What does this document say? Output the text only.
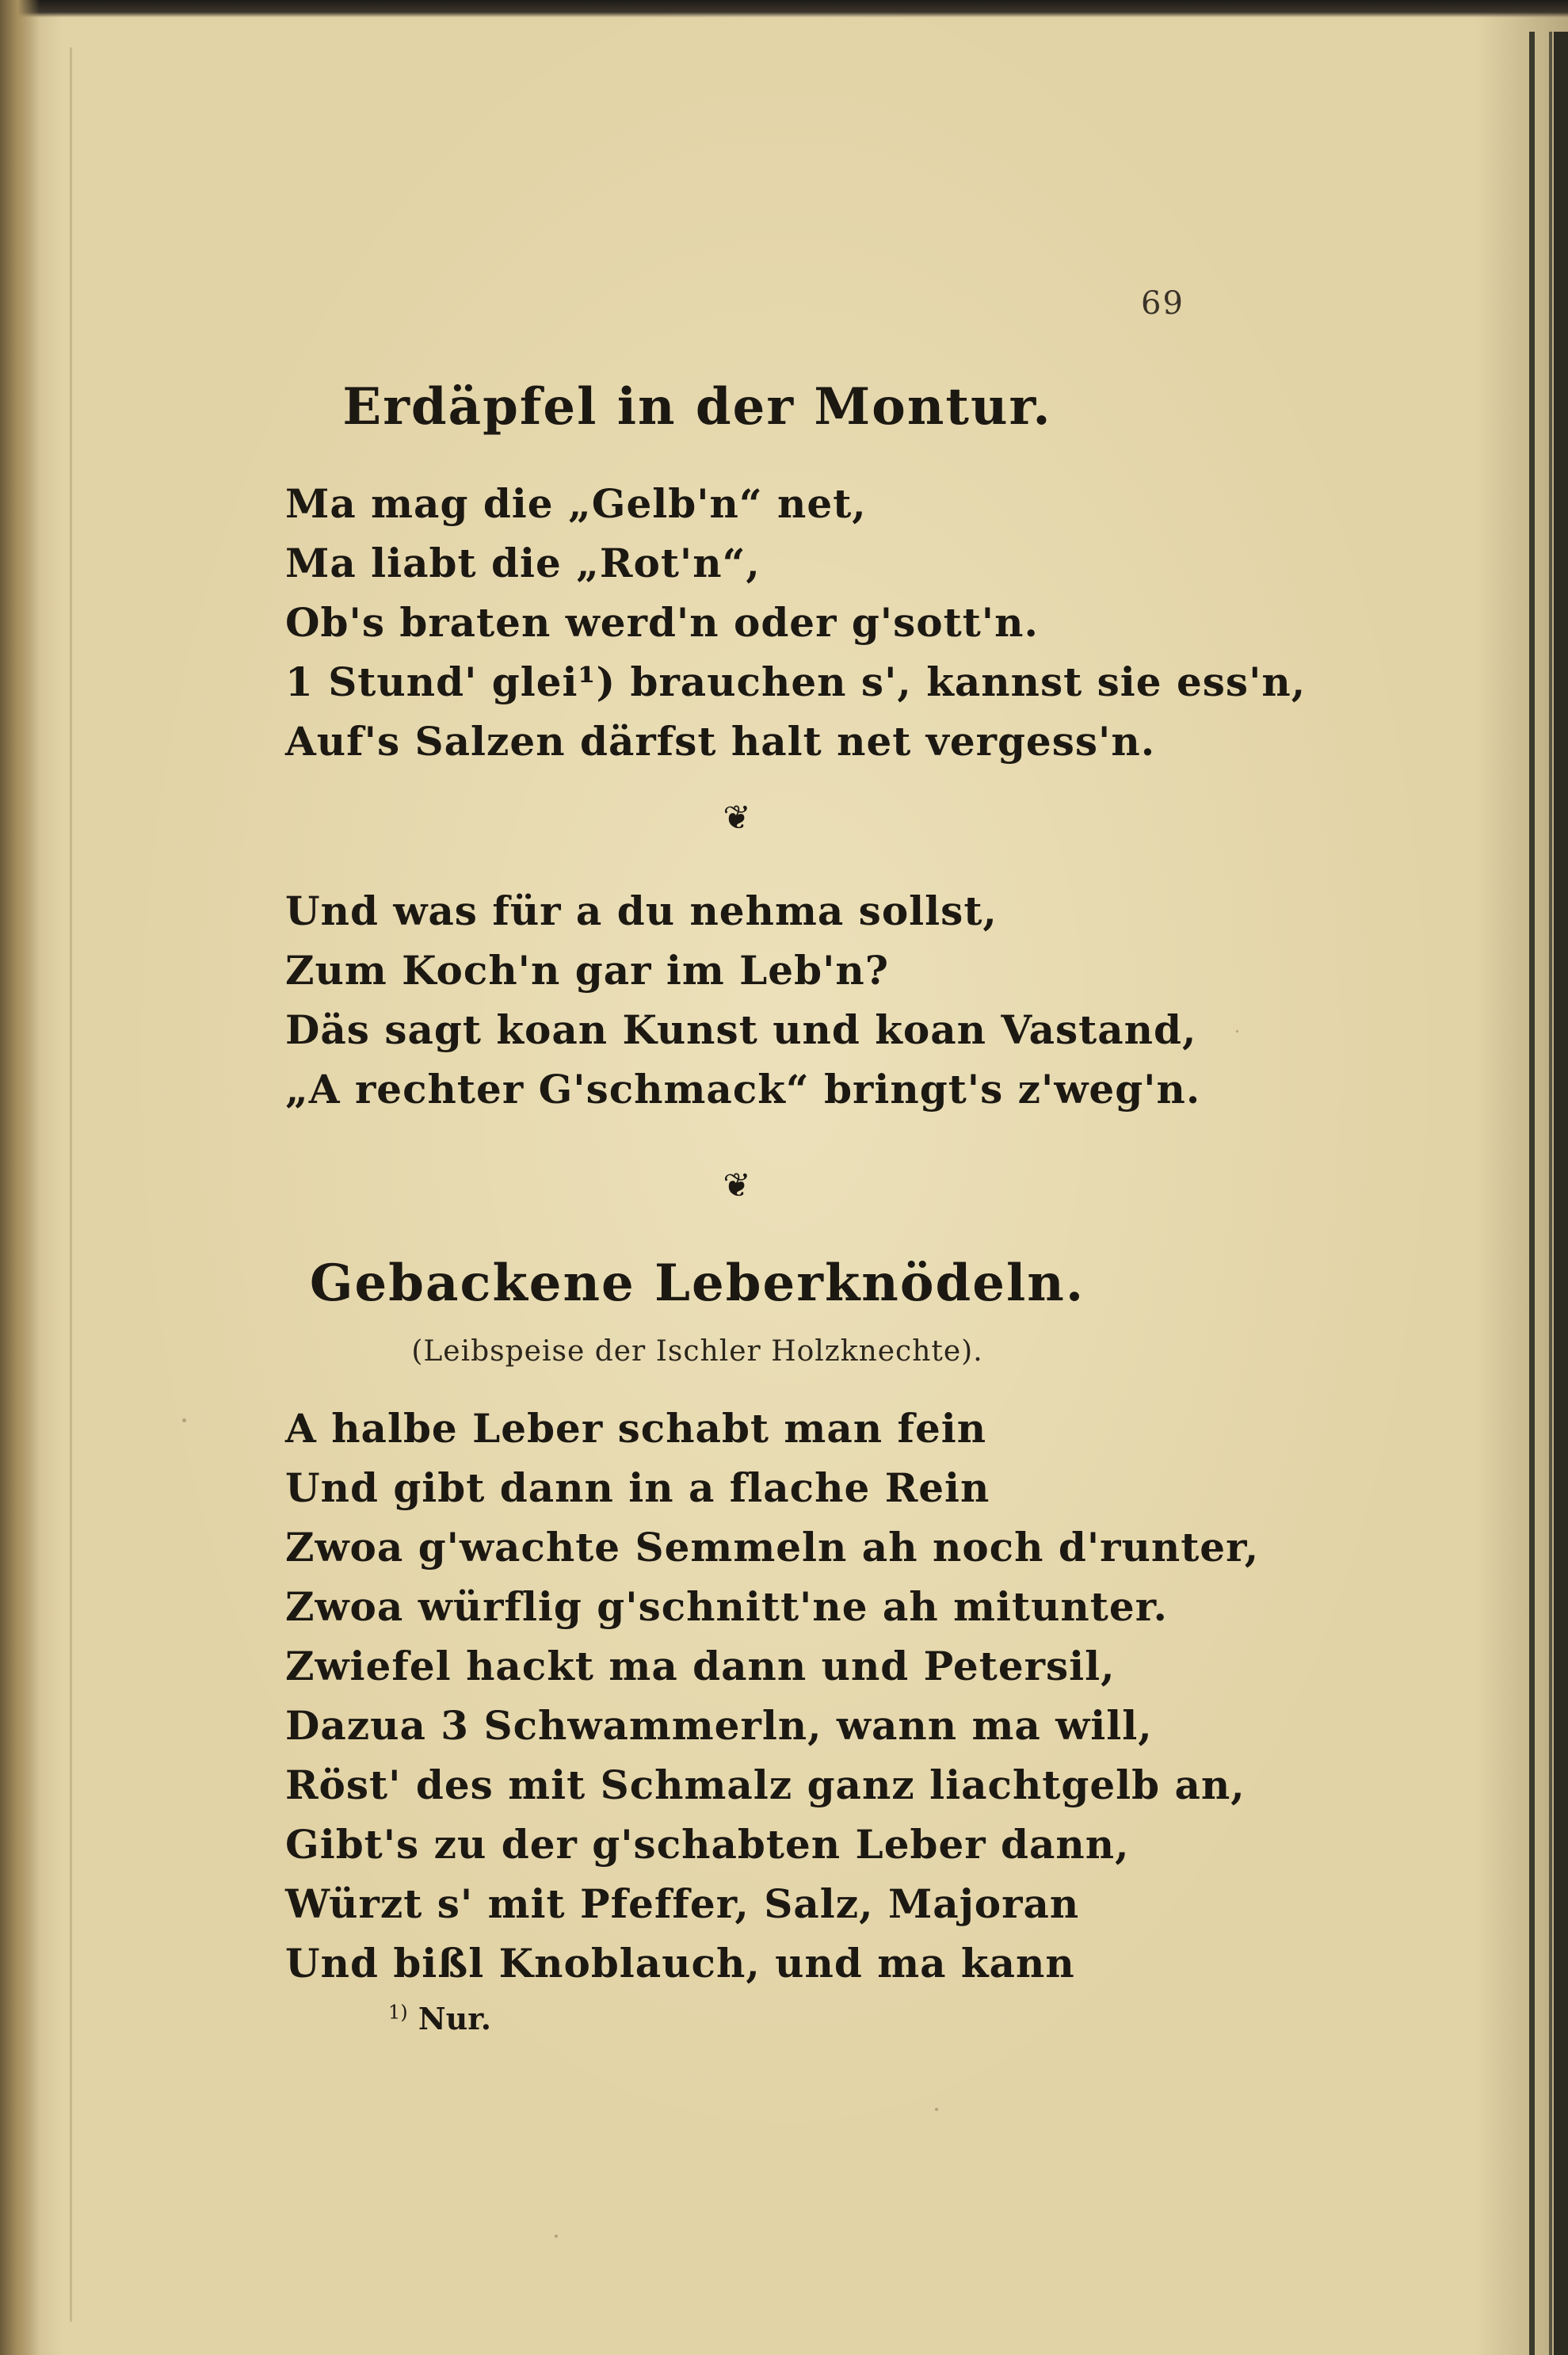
69
Erdäpfel in der Montur.
Ma mag die „Gelb'n“ net,
Ma liabt die „Rot'n“,
Ob's braten werd'n oder g'sott'n.
1 Stund' glei¹) brauchen s', kannst sie ess'n,
Auf's Salzen därfst halt net vergess'n.
❦
Und was für a du nehma sollst,
Zum Koch'n gar im Leb'n?
Däs sagt koan Kunst und koan Vastand,
„A rechter G'schmack“ bringt's z'weg'n.
❦
Gebackene Leberknödeln.
(Leibspeise der Ischler Holzknechte).
A halbe Leber schabt man fein
Und gibt dann in a flache Rein
Zwoa g'wachte Semmeln ah noch d'runter,
Zwoa würflig g'schnitt'ne ah mitunter.
Zwiefel hackt ma dann und Petersil,
Dazua 3 Schwammerln, wann ma will,
Röst' des mit Schmalz ganz liachtgelb an,
Gibt's zu der g'schabten Leber dann,
Würzt s' mit Pfeffer, Salz, Majoran
Und bißl Knoblauch, und ma kann
$^{1)}$ Nur.
